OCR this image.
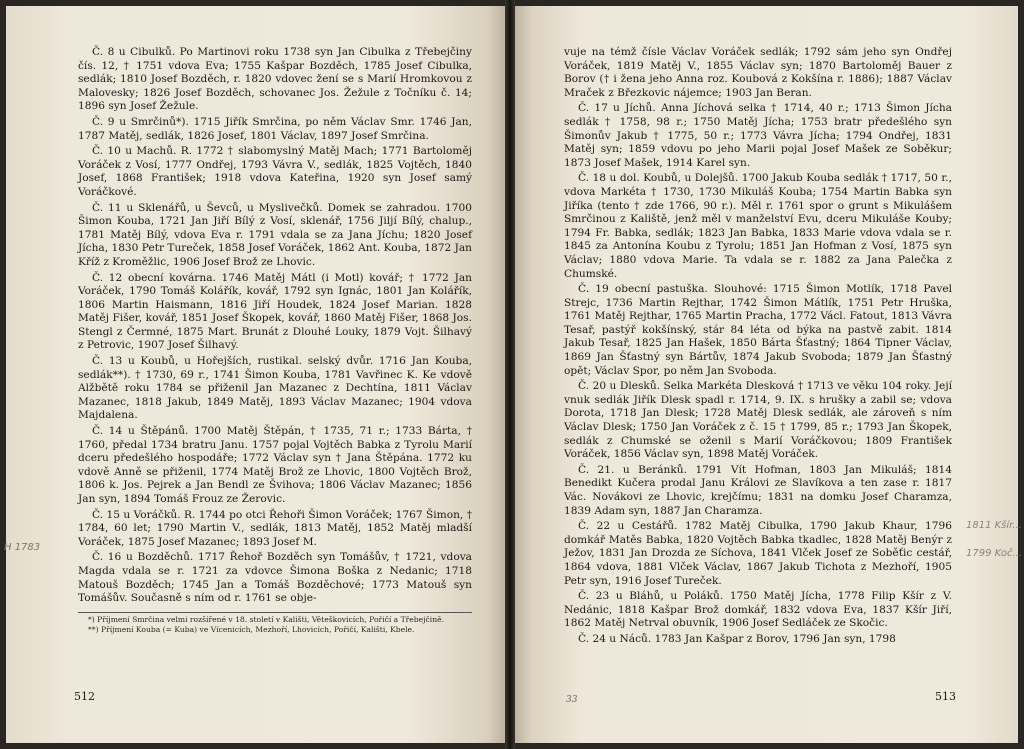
Č. 8 u Cibulků. Po Martinovi roku 1738 syn Jan Cibulka z Třebejčiny čís. 12, † 1751 vdova Eva; 1755 Kašpar Bozděch, 1785 Josef Cibulka, sedlák; 1810 Josef Bozděch, r. 1820 vdovec žení se s Marií Hromkovou z Malovesky; 1826 Josef Bozděch, schovanec Jos. Žežule z Točníku č. 14; 1896 syn Josef Žežule.

Č. 9 u Smrčinů*). 1715 Jiřík Smrčina, po něm Václav Smr. 1746 Jan, 1787 Matěj, sedlák, 1826 Josef, 1801 Václav, 1897 Josef Smrčina.

Č. 10 u Machů. R. 1772 † slabomyslný Matěj Mach; 1771 Bartoloměj Voráček z Vosí, 1777 Ondřej, 1793 Vávra V., sedlák, 1825 Vojtěch, 1840 Josef, 1868 František; 1918 vdova Kateřina, 1920 syn Josef samý Voráčkové.

Č. 11 u Sklenářů, u Ševců, u Myslivečků. Domek se zahradou. 1700 Šimon Kouba, 1721 Jan Jiří Bílý z Vosí, sklenář, 1756 Jiljí Bílý, chalup., 1781 Matěj Bílý, vdova Eva r. 1791 vdala se za Jana Jíchu; 1820 Josef Jícha, 1830 Petr Tureček, 1858 Josef Voráček, 1862 Ant. Kouba, 1872 Jan Kříž z Kroměžlic, 1906 Josef Brož ze Lhovic.

Č. 12 obecní kovárna. 1746 Matěj Mátl (i Motl) kovář; † 1772 Jan Voráček, 1790 Tomáš Kolářík, kovář, 1792 syn Ignác, 1801 Jan Kolářík, 1806 Martin Haismann, 1816 Jiří Houdek, 1824 Josef Marian. 1828 Matěj Fišer, kovář, 1851 Josef Škopek, kovář, 1860 Matěj Fišer, 1868 Jos. Stengl z Čermné, 1875 Mart. Brunát z Dlouhé Louky, 1879 Vojt. Šilhavý z Petrovic, 1907 Josef Šilhavý.

Č. 13 u Koubů, u Hořejších, rustikal. selský dvůr. 1716 Jan Kouba, sedlák**). † 1730, 69 r., 1741 Šimon Kouba, 1781 Vavřinec K. Ke vdově Alžbětě roku 1784 se přiženil Jan Mazanec z Dechtína, 1811 Václav Mazanec, 1818 Jakub, 1849 Matěj, 1893 Václav Mazanec; 1904 vdova Majdalena.

Č. 14 u Štěpánů. 1700 Matěj Štěpán, † 1735, 71 r.; 1733 Bárta, † 1760, předal 1734 bratru Janu. 1757 pojal Vojtěch Babka z Tyrolu Marií dceru předešlého hospodáře; 1772 Václav syn † Jana Štěpána. 1772 ku vdově Anně se přiženil, 1774 Matěj Brož ze Lhovic, 1800 Vojtěch Brož, 1806 k. Jos. Pejrek a Jan Bendl ze Švihova; 1806 Václav Mazanec; 1856 Jan syn, 1894 Tomáš Frouz ze Žerovic.

Č. 15 u Voráčků. R. 1744 po otci Řehoři Šimon Voráček; 1767 Šimon, † 1784, 60 let; 1790 Martin V., sedlák, 1813 Matěj, 1852 Matěj mladší Voráček, 1875 Josef Mazanec; 1893 Josef M.

Č. 16 u Bozděchů. 1717 Řehoř Bozděch syn Tomášův, † 1721, vdova Magda vdala se r. 1721 za vdovce Šimona Boška z Nedanic; 1718 Matouš Bozděch; 1745 Jan a Tomáš Bozděchové; 1773 Matouš syn Tomášův. Současně s ním od r. 1761 se obje-

*) Příjmení Smrčina velmi rozšířené v 18. století v Kališti, Věteškovicích, Pořičí a Třebejčině.

**) Příjmení Kouba (= Kuba) ve Vícenicích, Mezhoří, Lhovicích, Pořičí, Kališti, Kbele.

vuje na témž čísle Václav Voráček sedlák; 1792 sám jeho syn Ondřej Voráček, 1819 Matěj V., 1855 Václav syn; 1870 Bartoloměj Bauer z Borov († i žena jeho Anna roz. Koubová z Kokšína r. 1886); 1887 Václav Mraček z Březkovic nájemce; 1903 Jan Beran.

Č. 17 u Jíchů. Anna Jíchová selka † 1714, 40 r.; 1713 Šimon Jícha sedlák † 1758, 98 r.; 1750 Matěj Jícha; 1753 bratr předešlého syn Šimonův Jakub † 1775, 50 r.; 1773 Vávra Jícha; 1794 Ondřej, 1831 Matěj syn; 1859 vdovu po jeho Marii pojal Josef Mašek ze Soběkur; 1873 Josef Mašek, 1914 Karel syn.

Č. 18 u dol. Koubů, u Dolejšů. 1700 Jakub Kouba sedlák † 1717, 50 r., vdova Markéta † 1730, 1730 Mikuláš Kouba; 1754 Martin Babka syn Jiříka (tento † zde 1766, 90 r.). Měl r. 1761 spor o grunt s Mikulášem Smrčinou z Kaliště, jenž měl v manželství Evu, dceru Mikuláše Kouby; 1794 Fr. Babka, sedlák; 1823 Jan Babka, 1833 Marie vdova vdala se r. 1845 za Antonína Koubu z Tyrolu; 1851 Jan Hofman z Vosí, 1875 syn Václav; 1880 vdova Marie. Ta vdala se r. 1882 za Jana Palečka z Chumské.

Č. 19 obecní pastuška. Slouhové: 1715 Šimon Motlík, 1718 Pavel Strejc, 1736 Martin Rejthar, 1742 Šimon Mátlík, 1751 Petr Hruška, 1761 Matěj Rejthar, 1765 Martin Pracha, 1772 Václ. Fatout, 1813 Vávra Tesař, pastýř kokšínský, stár 84 léta od býka na pastvě zabit. 1814 Jakub Tesař, 1825 Jan Hašek, 1850 Bárta Šťastný; 1864 Tipner Václav, 1869 Jan Šťastný syn Bártův, 1874 Jakub Svoboda; 1879 Jan Šťastný opět; Václav Spor, po něm Jan Svoboda.

Č. 20 u Dlesků. Selka Markéta Dlesková † 1713 ve věku 104 roky. Její vnuk sedlák Jiřík Dlesk spadl r. 1714, 9. IX. s hrušky a zabil se; vdova Dorota, 1718 Jan Dlesk; 1728 Matěj Dlesk sedlák, ale zároveň s ním Václav Dlesk; 1750 Jan Voráček z č. 15 † 1799, 85 r.; 1793 Jan Škopek, sedlák z Chumské se oženil s Marií Voráčkovou; 1809 František Voráček, 1856 Václav syn, 1898 Matěj Voráček.

Č. 21. u Beránků. 1791 Vít Hofman, 1803 Jan Mikuláš; 1814 Benedikt Kučera prodal Janu Královi ze Slavíkova a ten zase r. 1817 Vác. Novákovi ze Lhovic, krejčímu; 1831 na domku Josef Charamza, 1839 Adam syn, 1887 Jan Charamza.

Č. 22 u Cestářů. 1782 Matěj Cibulka, 1790 Jakub Khaur, 1796 domkář Matěs Babka, 1820 Vojtěch Babka tkadlec, 1828 Matěj Benýr z Ježov, 1831 Jan Drozda ze Síchova, 1841 Vlček Josef ze Soběťic cestář, 1864 vdova, 1881 Vlček Václav, 1867 Jakub Tichota z Mezhoří, 1905 Petr syn, 1916 Josef Tureček.

Č. 23 u Bláhů, u Poláků. 1750 Matěj Jícha, 1778 Filip Kšír z V. Nedánic, 1818 Kašpar Brož domkář, 1832 vdova Eva, 1837 Kšír Jiří, 1862 Matěj Netrval obuvník, 1906 Josef Sedláček ze Skočic.

Č. 24 u Náců. 1783 Jan Kašpar z Borov, 1796 Jan syn, 1798

512	513
33
H 1783
1811 Kšír...
1799 Koč...
